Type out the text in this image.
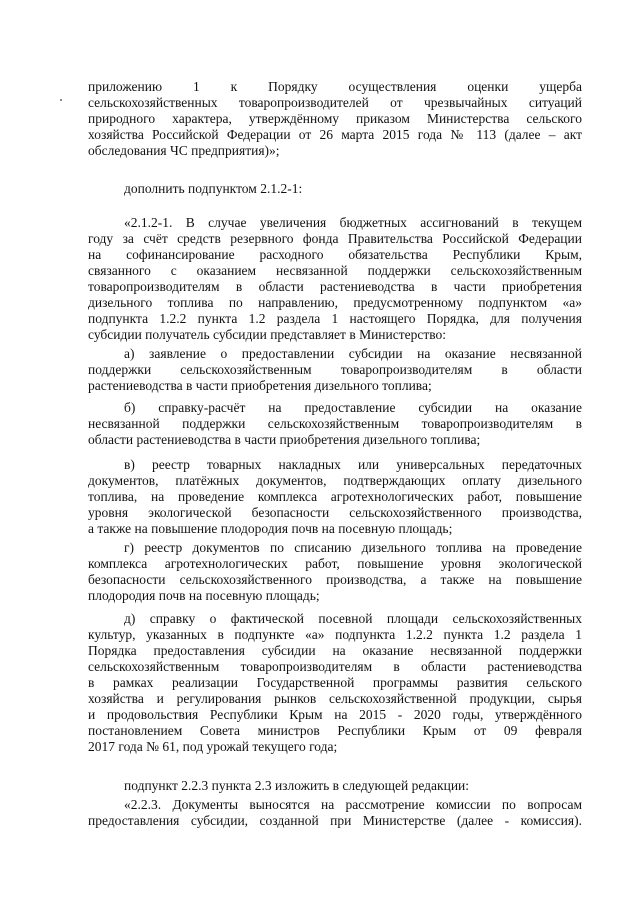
приложению 1 к Порядку осуществления оценки ущерба
сельскохозяйственных товаропроизводителей от чрезвычайных ситуаций
природного характера, утверждённому приказом Министерства сельского
хозяйства Российской Федерации от 26 марта 2015 года № 113 (далее – акт
обследования ЧС предприятия)»;
дополнить подпунктом 2.1.2-1:
«2.1.2-1. В случае увеличения бюджетных ассигнований в текущем
году за счёт средств резервного фонда Правительства Российской Федерации
на софинансирование расходного обязательства Республики Крым,
связанного с оказанием несвязанной поддержки сельскохозяйственным
товаропроизводителям в области растениеводства в части приобретения
дизельного топлива по направлению, предусмотренному подпунктом «а»
подпункта 1.2.2 пункта 1.2 раздела 1 настоящего Порядка, для получения
субсидии получатель субсидии представляет в Министерство:
а) заявление о предоставлении субсидии на оказание несвязанной
поддержки сельскохозяйственным товаропроизводителям в области
растениеводства в части приобретения дизельного топлива;
б) справку-расчёт на предоставление субсидии на оказание
несвязанной поддержки сельскохозяйственным товаропроизводителям в
области растениеводства в части приобретения дизельного топлива;
в) реестр товарных накладных или универсальных передаточных
документов, платёжных документов, подтверждающих оплату дизельного
топлива, на проведение комплекса агротехнологических работ, повышение
уровня экологической безопасности сельскохозяйственного производства,
а также на повышение плодородия почв на посевную площадь;
г) реестр документов по списанию дизельного топлива на проведение
комплекса агротехнологических работ, повышение уровня экологической
безопасности сельскохозяйственного производства, а также на повышение
плодородия почв на посевную площадь;
д) справку о фактической посевной площади сельскохозяйственных
культур, указанных в подпункте «а» подпункта 1.2.2 пункта 1.2 раздела 1
Порядка предоставления субсидии на оказание несвязанной поддержки
сельскохозяйственным товаропроизводителям в области растениеводства
в рамках реализации Государственной программы развития сельского
хозяйства и регулирования рынков сельскохозяйственной продукции, сырья
и продовольствия Республики Крым на 2015 - 2020 годы, утверждённого
постановлением Совета министров Республики Крым от 09 февраля
2017 года № 61, под урожай текущего года;
подпункт 2.2.3 пункта 2.3 изложить в следующей редакции:
«2.2.3. Документы выносятся на рассмотрение комиссии по вопросам
предоставления субсидии, созданной при Министерстве (далее - комиссия).
